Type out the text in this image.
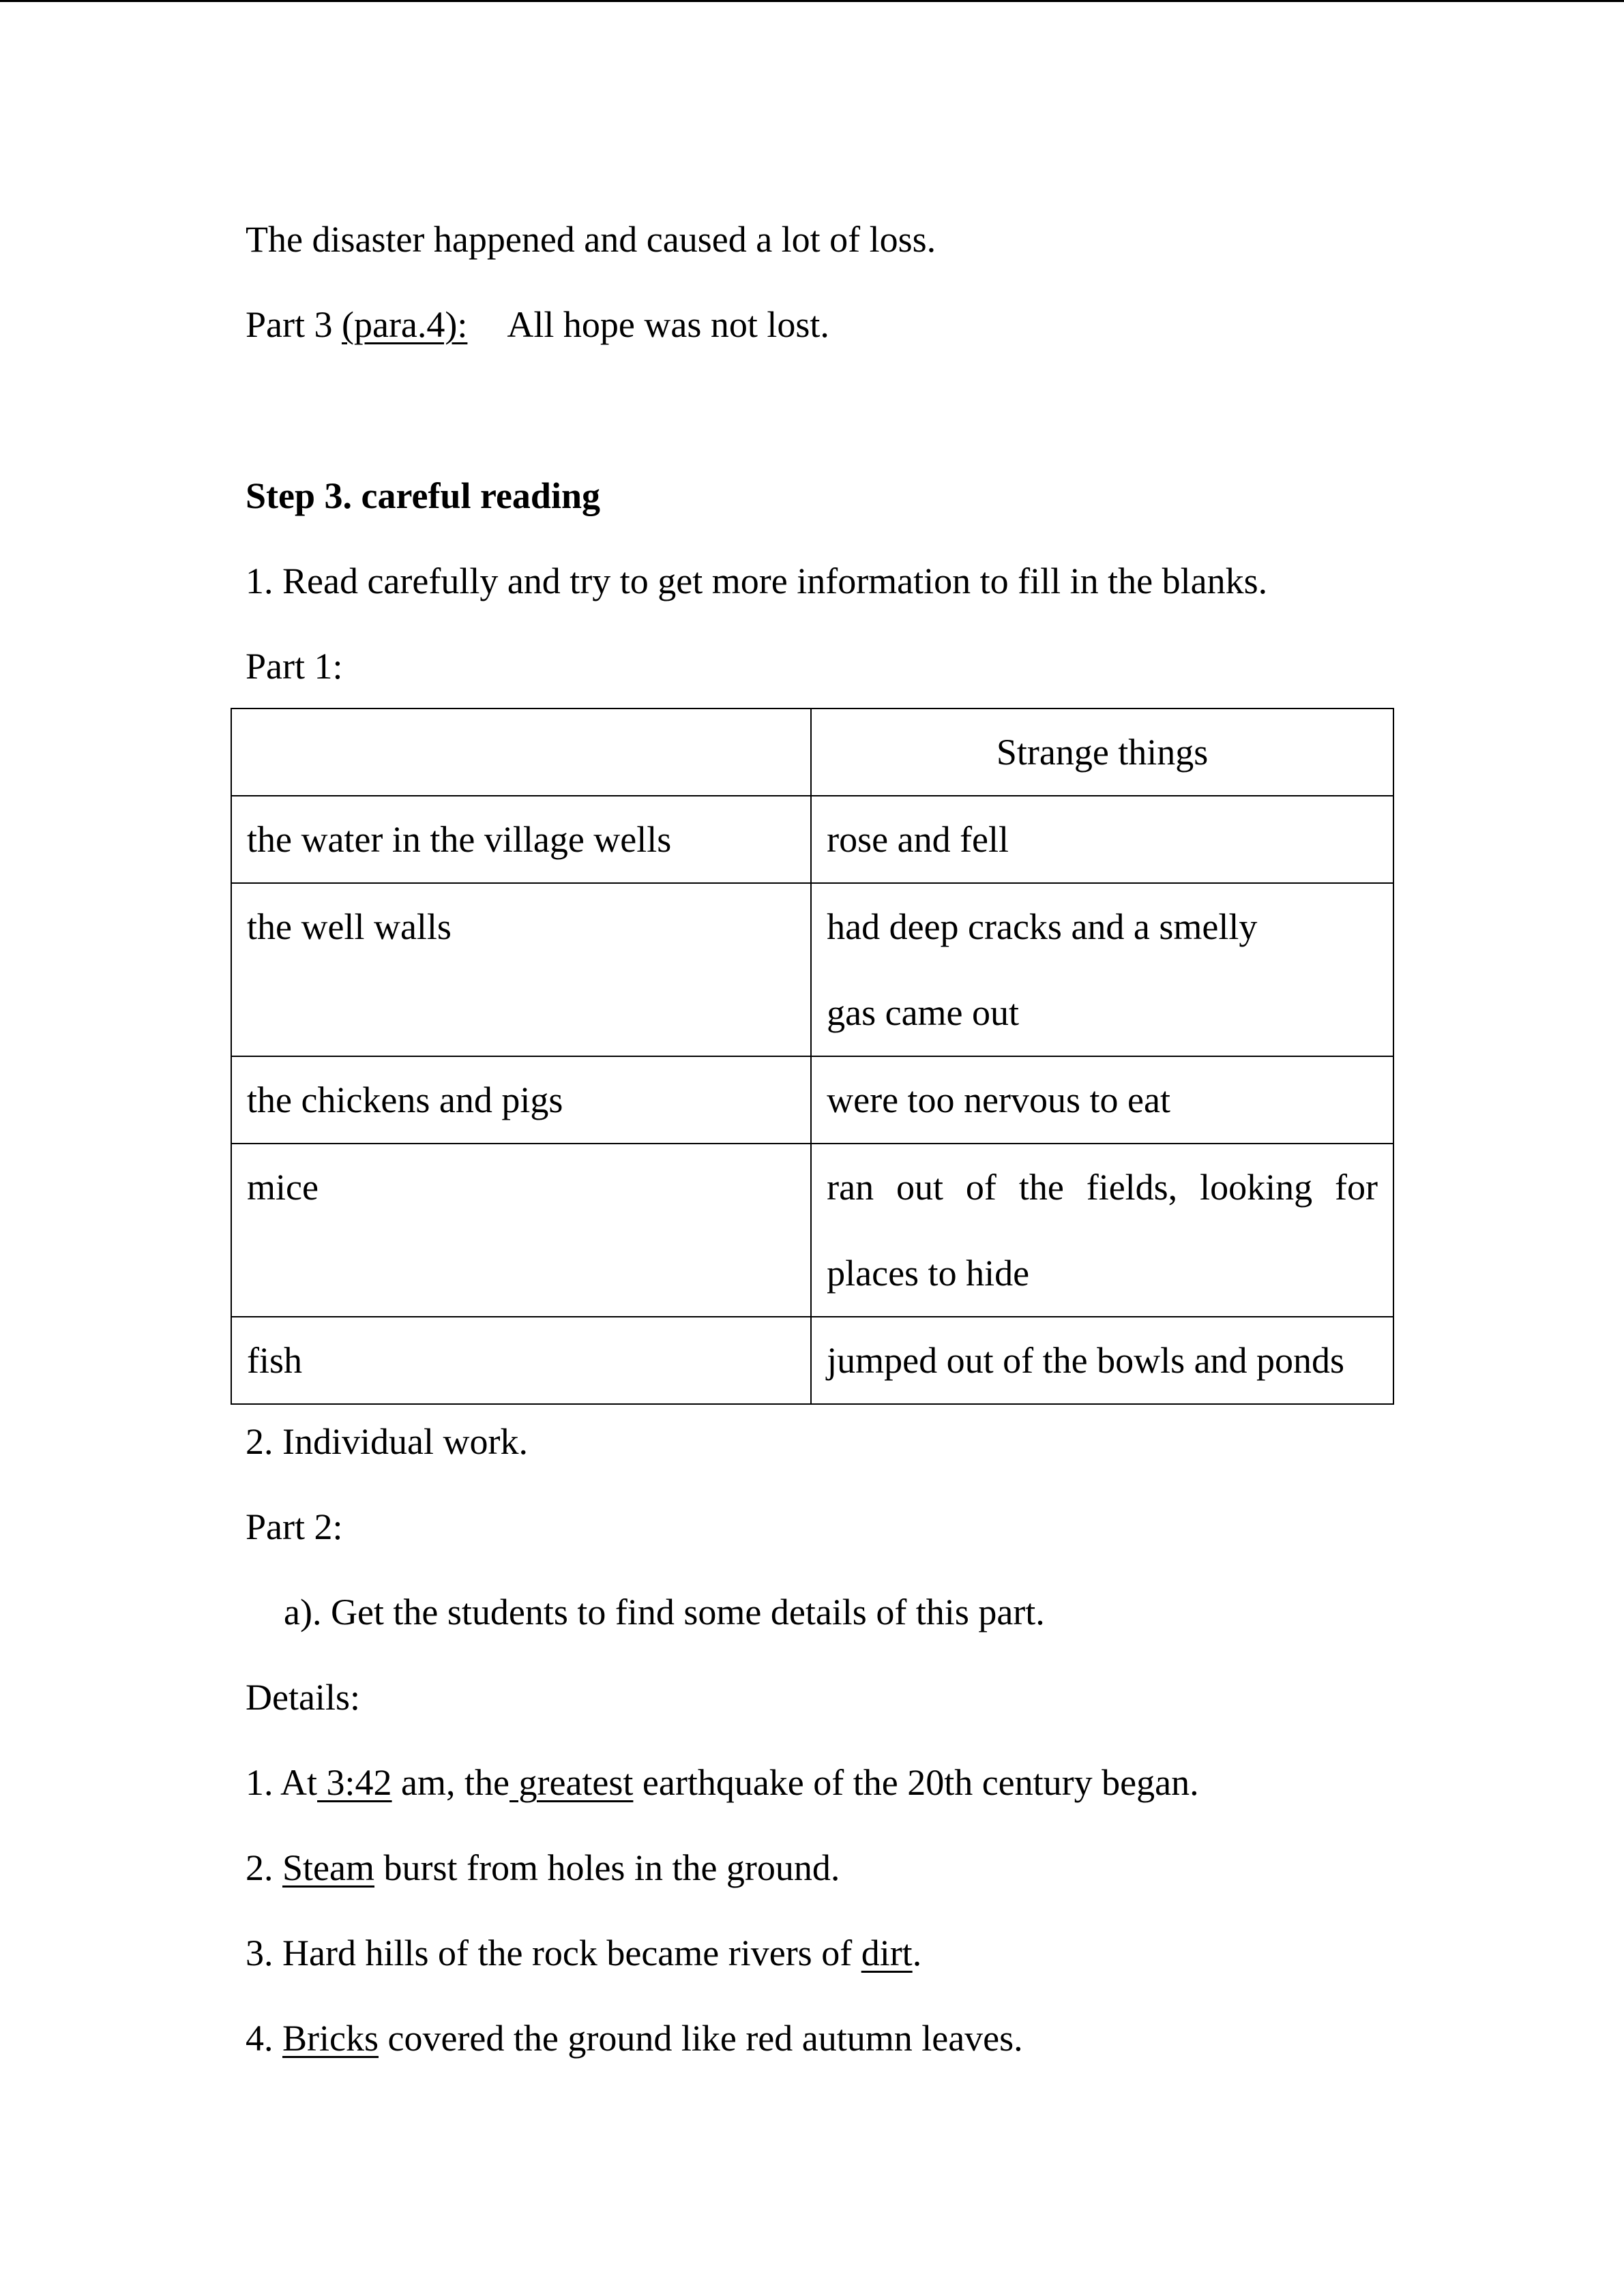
The disaster happened and caused a lot of loss.
Part 3 (para.4): All hope was not lost.
Step 3. careful reading
1. Read carefully and try to get more information to fill in the blanks.
Part 1:
	Strange things

the water in the village wells	rose and fell

the well walls	had deep cracks and a smelly gas came out

the chickens and pigs	were too nervous to eat

mice	ran out of the fields, looking for places to hide

fish	jumped out of the bowls and ponds
2. Individual work.
Part 2:
a). Get the students to find some details of this part.
Details:
1. At 3:42 am, the greatest earthquake of the 20th century began.
2. Steam burst from holes in the ground.
3. Hard hills of the rock became rivers of dirt.
4. Bricks covered the ground like red autumn leaves.
